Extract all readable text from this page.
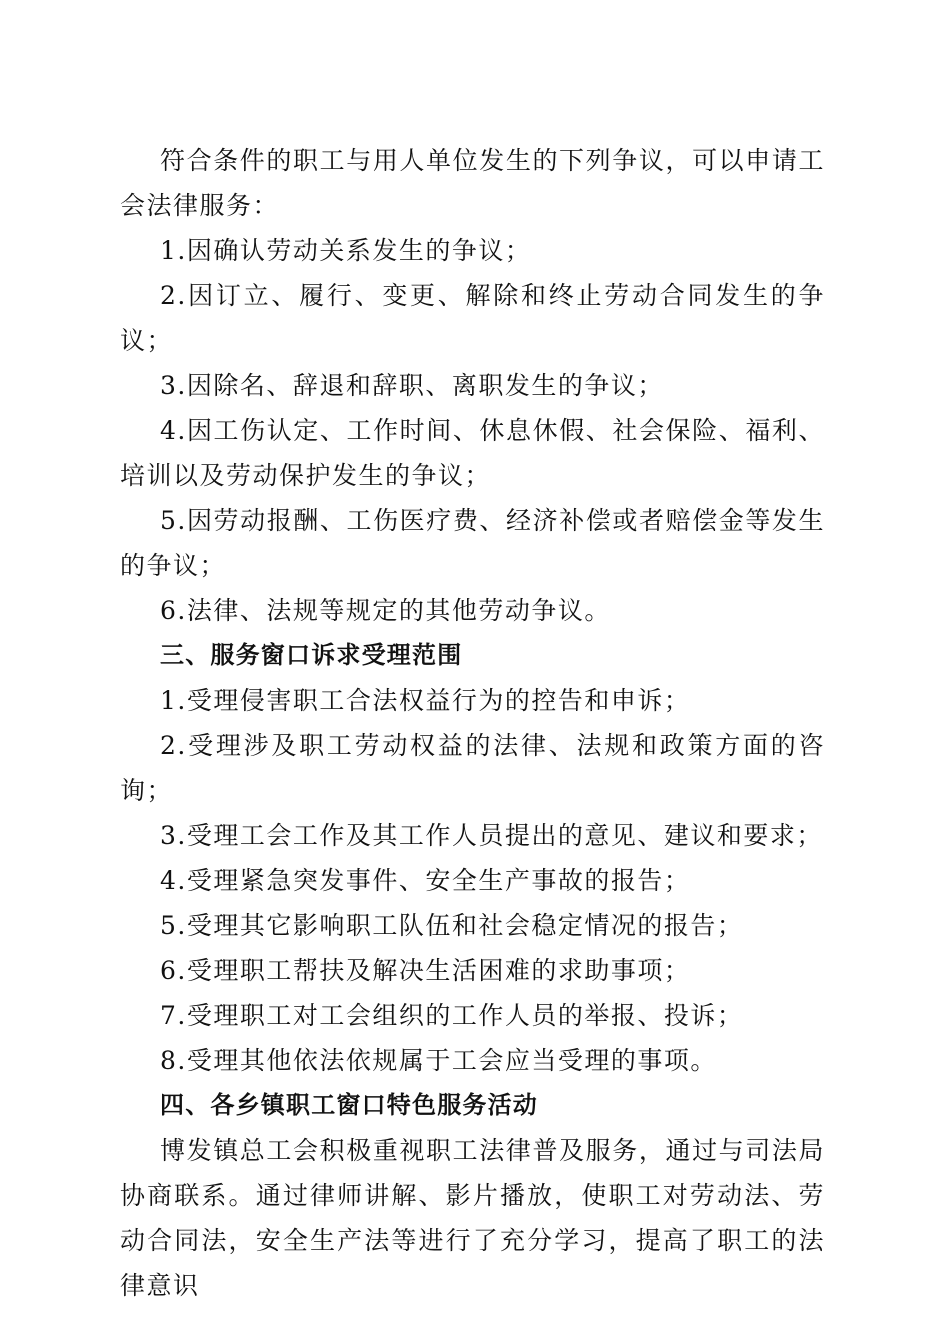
符合条件的职工与用人单位发生的下列争议，可以申请工会法律服务：

1.因确认劳动关系发生的争议；

2.因订立、履行、变更、解除和终止劳动合同发生的争议；

3.因除名、辞退和辞职、离职发生的争议；

4.因工伤认定、工作时间、休息休假、社会保险、福利、培训以及劳动保护发生的争议；

5.因劳动报酬、工伤医疗费、经济补偿或者赔偿金等发生的争议；

6.法律、法规等规定的其他劳动争议。

三、服务窗口诉求受理范围

1.受理侵害职工合法权益行为的控告和申诉；

2.受理涉及职工劳动权益的法律、法规和政策方面的咨询；

3.受理工会工作及其工作人员提出的意见、建议和要求；

4.受理紧急突发事件、安全生产事故的报告；

5.受理其它影响职工队伍和社会稳定情况的报告；

6.受理职工帮扶及解决生活困难的求助事项；

7.受理职工对工会组织的工作人员的举报、投诉；

8.受理其他依法依规属于工会应当受理的事项。

四、各乡镇职工窗口特色服务活动

博发镇总工会积极重视职工法律普及服务，通过与司法局协商联系。通过律师讲解、影片播放，使职工对劳动法、劳动合同法，安全生产法等进行了充分学习，提高了职工的法律意识
